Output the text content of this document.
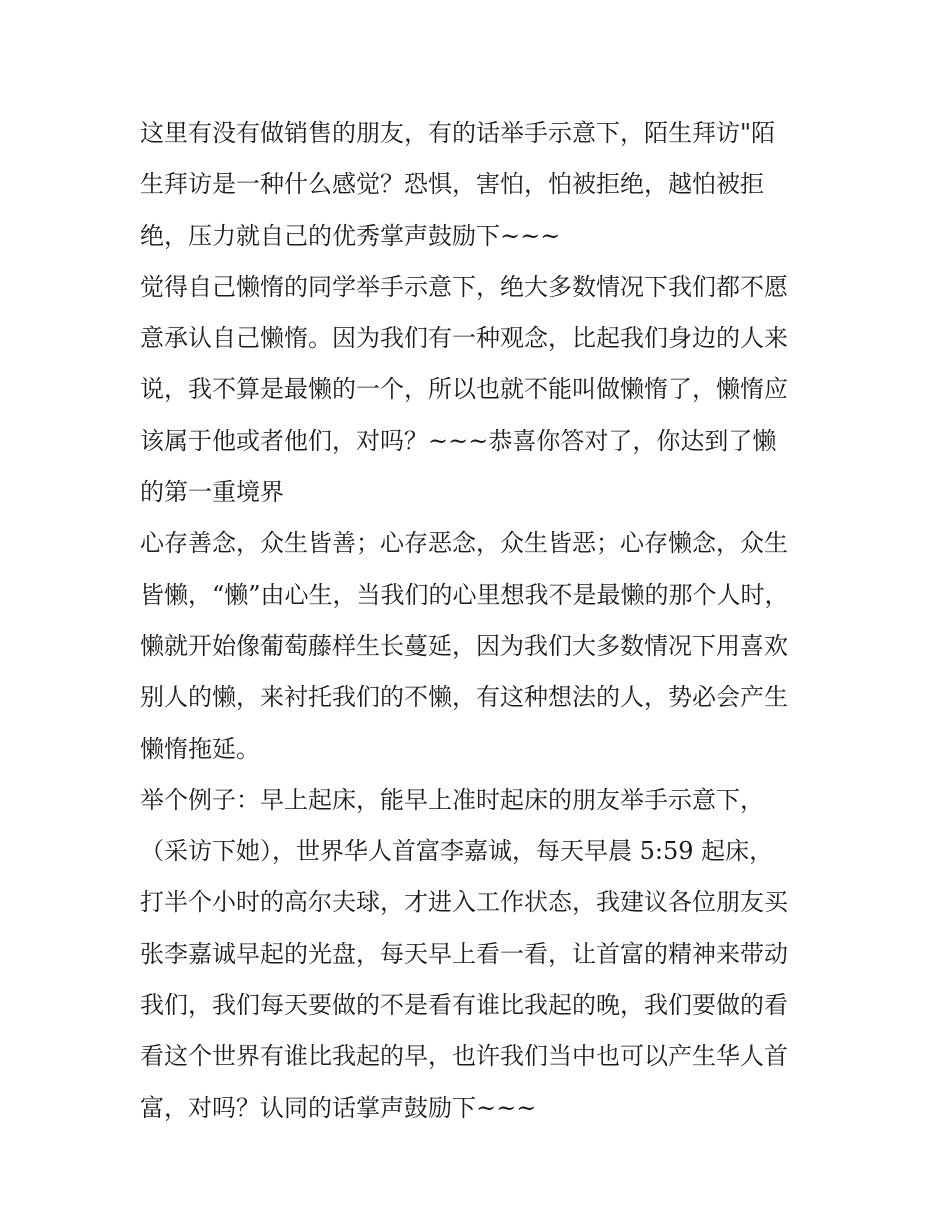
这里有没有做销售的朋友，有的话举手示意下，陌生拜访"陌
生拜访是一种什么感觉？恐惧，害怕，怕被拒绝，越怕被拒
绝，压力就自己的优秀掌声鼓励下~~~

觉得自己懒惰的同学举手示意下，绝大多数情况下我们都不愿
意承认自己懒惰。因为我们有一种观念，比起我们身边的人来
说，我不算是最懒的一个，所以也就不能叫做懒惰了，懒惰应
该属于他或者他们，对吗？~~~恭喜你答对了，你达到了懒
的第一重境界

心存善念，众生皆善；心存恶念，众生皆恶；心存懒念，众生
皆懒，“懒”由心生，当我们的心里想我不是最懒的那个人时，
懒就开始像葡萄藤样生长蔓延，因为我们大多数情况下用喜欢
别人的懒，来衬托我们的不懒，有这种想法的人，势必会产生
懒惰拖延。

举个例子：早上起床，能早上准时起床的朋友举手示意下，
（采访下她），世界华人首富李嘉诚，每天早晨 5:59 起床，
打半个小时的高尔夫球，才进入工作状态，我建议各位朋友买
张李嘉诚早起的光盘，每天早上看一看，让首富的精神来带动
我们，我们每天要做的不是看有谁比我起的晚，我们要做的看
看这个世界有谁比我起的早，也许我们当中也可以产生华人首
富，对吗？认同的话掌声鼓励下~~~
